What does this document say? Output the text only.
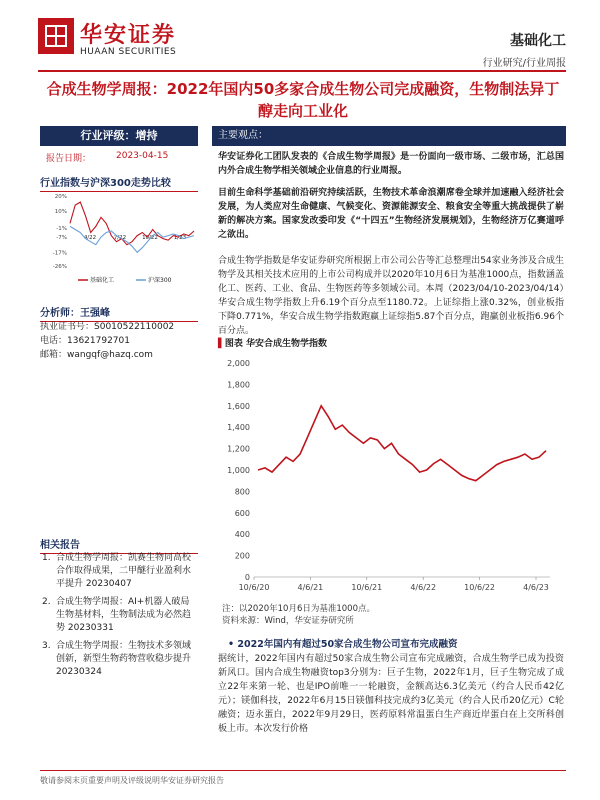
华安证券
HUAAN SECURITIES
基础化工
行业研究/行业周报
合成生物学周报：2022年国内50多家合成生物公司完成融资，生物制法异丁醇走向工业化
行业评级：增持
报告日期：	2023-04-15
行业指数与沪深300走势比较
20%
10%
-1%
-7%
-17%
-26%
4/22	7/22	10/22	1/23
基础化工	沪深300
分析师：王强峰
执业证书号：S0010522110002
电话：13621792701
邮箱：wangqf@hazq.com
相关报告
1. 合成生物学周报：凯赛生物同高校合作取得成果，二甲醚行业盈利水平提升 20230407
2. 合成生物学周报：AI+机器人破局生物基材料，生物制法成为必然趋势 20230331
3. 合成生物学周报：生物技术多领域创新，新型生物药物营收稳步提升 20230324
主要观点：
华安证券化工团队发表的《合成生物学周报》是一份面向一级市场、二级市场，汇总国内外合成生物学相关领域企业信息的行业周报。
目前生命科学基础前沿研究持续活跃，生物技术革命浪潮席卷全球并加速融入经济社会发展，为人类应对生命健康、气候变化、资源能源安全、粮食安全等重大挑战提供了崭新的解决方案。国家发改委印发《“十四五”生物经济发展规划》，生物经济万亿赛道呼之欲出。
合成生物学指数是华安证券研究所根据上市公司公告等汇总整理出54家业务涉及合成生物学及其相关技术应用的上市公司构成并以2020年10月6日为基准1000点，指数涵盖化工、医药、工业、食品、生物医药等多领域公司。本周（2023/04/10-2023/04/14）华安合成生物学指数上升6.19个百分点至1180.72。上证综指上涨0.32%，创业板指下降0.771%，华安合成生物学指数跑赢上证综指5.87个百分点，跑赢创业板指6.96个百分点。
▌图表 华安合成生物学指数
0
200
400
600
800
1,000
1,200
1,400
1,600
1,800
2,000
10/6/20	4/6/21	10/6/21	4/6/22	10/6/22	4/6/23
注：以2020年10月6日为基准1000点。
资料来源：Wind，华安证券研究所
• 2022年国内有超过50家合成生物公司宣布完成融资
据统计，2022年国内有超过50家合成生物公司宣布完成融资，合成生物学已成为投资新风口。国内合成生物融资top3分别为：巨子生物，2022年1月，巨子生物完成了成立22年来第一轮、也是IPO前唯一一轮融资，金额高达6.3亿美元（约合人民币42亿元）；镁伽科技，2022年6月15日镁伽科技完成约3亿美元（约合人民币20亿元）C轮融资；迈永蛋白，2022年9月29日，医药原料常温蛋白生产商近岸蛋白在上交所科创板上市。本次发行价格
敬请参阅末页重要声明及评级说明华安证券研究报告
